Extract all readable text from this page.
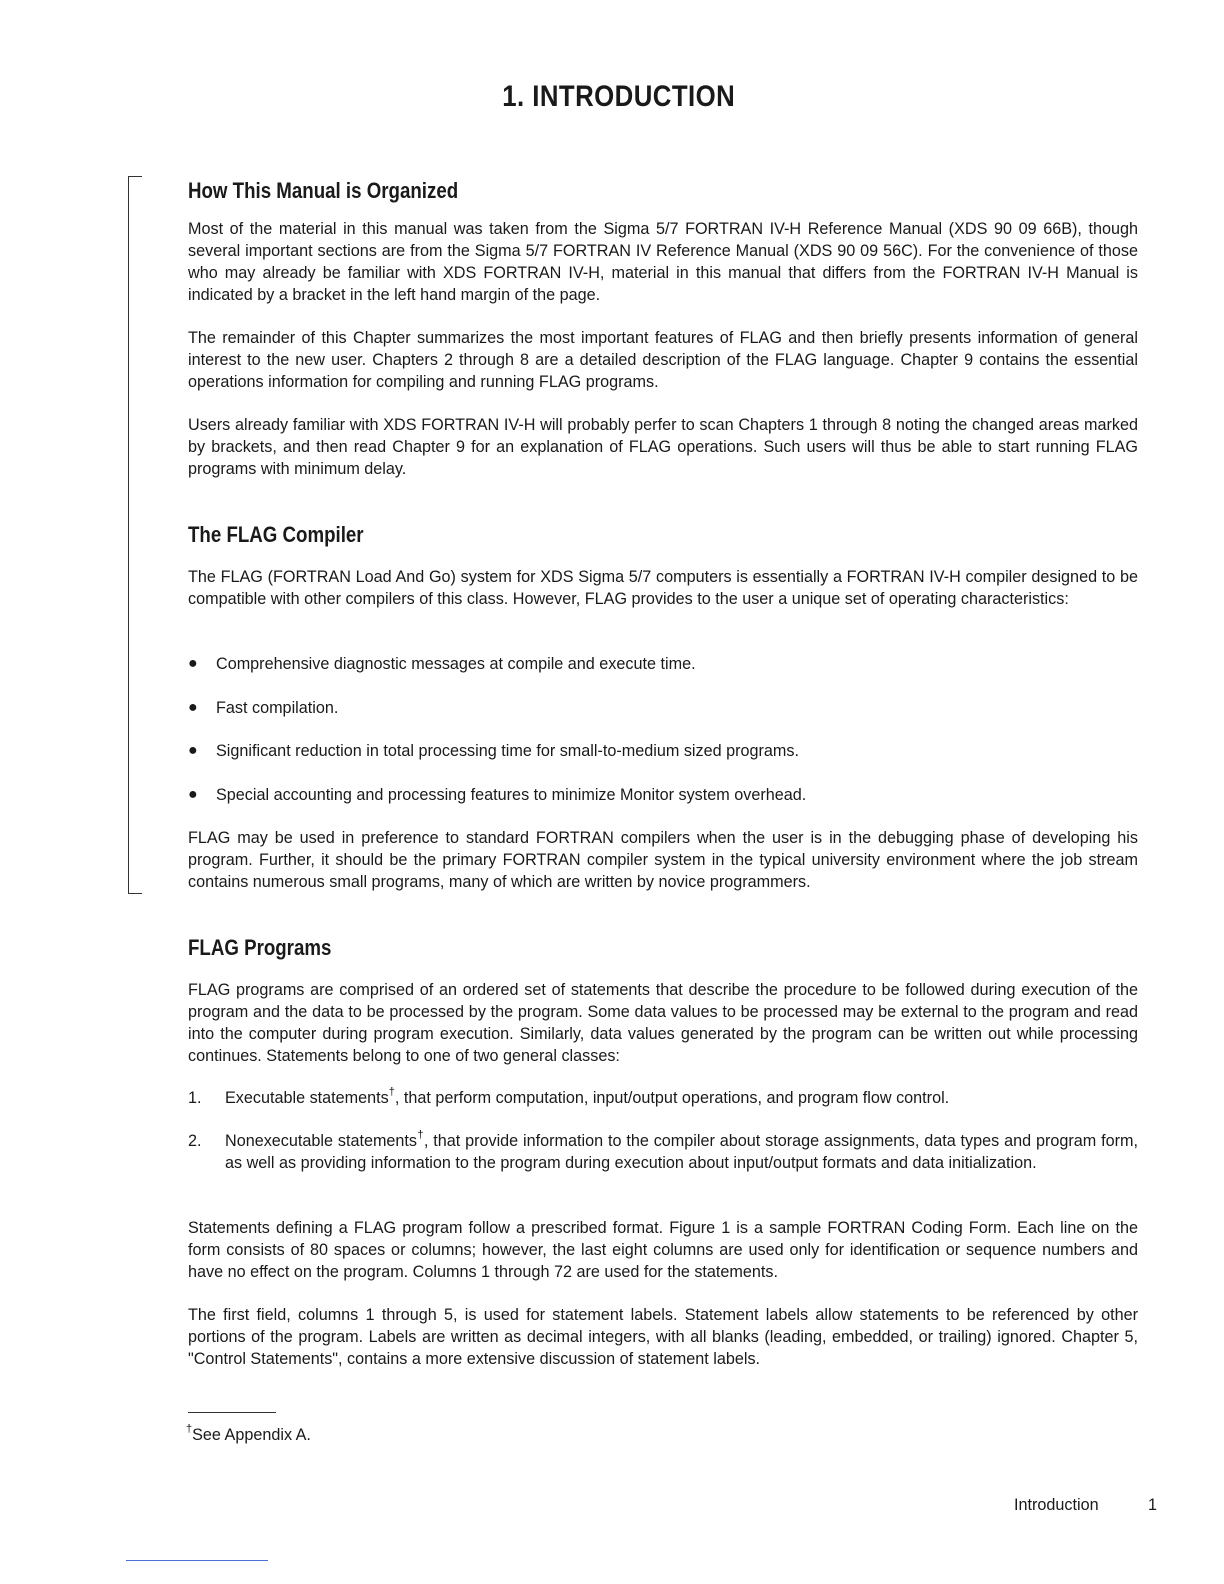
1. INTRODUCTION
How This Manual is Organized

Most of the material in this manual was taken from the Sigma 5/7 FORTRAN IV-H Reference Manual (XDS 90 09 66B), though several important sections are from the Sigma 5/7 FORTRAN IV Reference Manual (XDS 90 09 56C). For the convenience of those who may already be familiar with XDS FORTRAN IV-H, material in this manual that differs from the FORTRAN IV-H Manual is indicated by a bracket in the left hand margin of the page.

The remainder of this Chapter summarizes the most important features of FLAG and then briefly presents information of general interest to the new user. Chapters 2 through 8 are a detailed description of the FLAG language. Chapter 9 contains the essential operations information for compiling and running FLAG programs.

Users already familiar with XDS FORTRAN IV-H will probably perfer to scan Chapters 1 through 8 noting the changed areas marked by brackets, and then read Chapter 9 for an explanation of FLAG operations. Such users will thus be able to start running FLAG programs with minimum delay.

The FLAG Compiler

The FLAG (FORTRAN Load And Go) system for XDS Sigma 5/7 computers is essentially a FORTRAN IV-H compiler designed to be compatible with other compilers of this class. However, FLAG provides to the user a unique set of operating characteristics:

● Comprehensive diagnostic messages at compile and execute time.
● Fast compilation.
● Significant reduction in total processing time for small-to-medium sized programs.
● Special accounting and processing features to minimize Monitor system overhead.

FLAG may be used in preference to standard FORTRAN compilers when the user is in the debugging phase of developing his program. Further, it should be the primary FORTRAN compiler system in the typical university environment where the job stream contains numerous small programs, many of which are written by novice programmers.

FLAG Programs

FLAG programs are comprised of an ordered set of statements that describe the procedure to be followed during execution of the program and the data to be processed by the program. Some data values to be processed may be external to the program and read into the computer during program execution. Similarly, data values generated by the program can be written out while processing continues. Statements belong to one of two general classes:

1. Executable statements†, that perform computation, input/output operations, and program flow control.
2. Nonexecutable statements†, that provide information to the compiler about storage assignments, data types and program form, as well as providing information to the program during execution about input/output formats and data initialization.

Statements defining a FLAG program follow a prescribed format. Figure 1 is a sample FORTRAN Coding Form. Each line on the form consists of 80 spaces or columns; however, the last eight columns are used only for identification or sequence numbers and have no effect on the program. Columns 1 through 72 are used for the statements.

The first field, columns 1 through 5, is used for statement labels. Statement labels allow statements to be referenced by other portions of the program. Labels are written as decimal integers, with all blanks (leading, embedded, or trailing) ignored. Chapter 5, "Control Statements", contains a more extensive discussion of statement labels.

†See Appendix A.
Introduction	1
